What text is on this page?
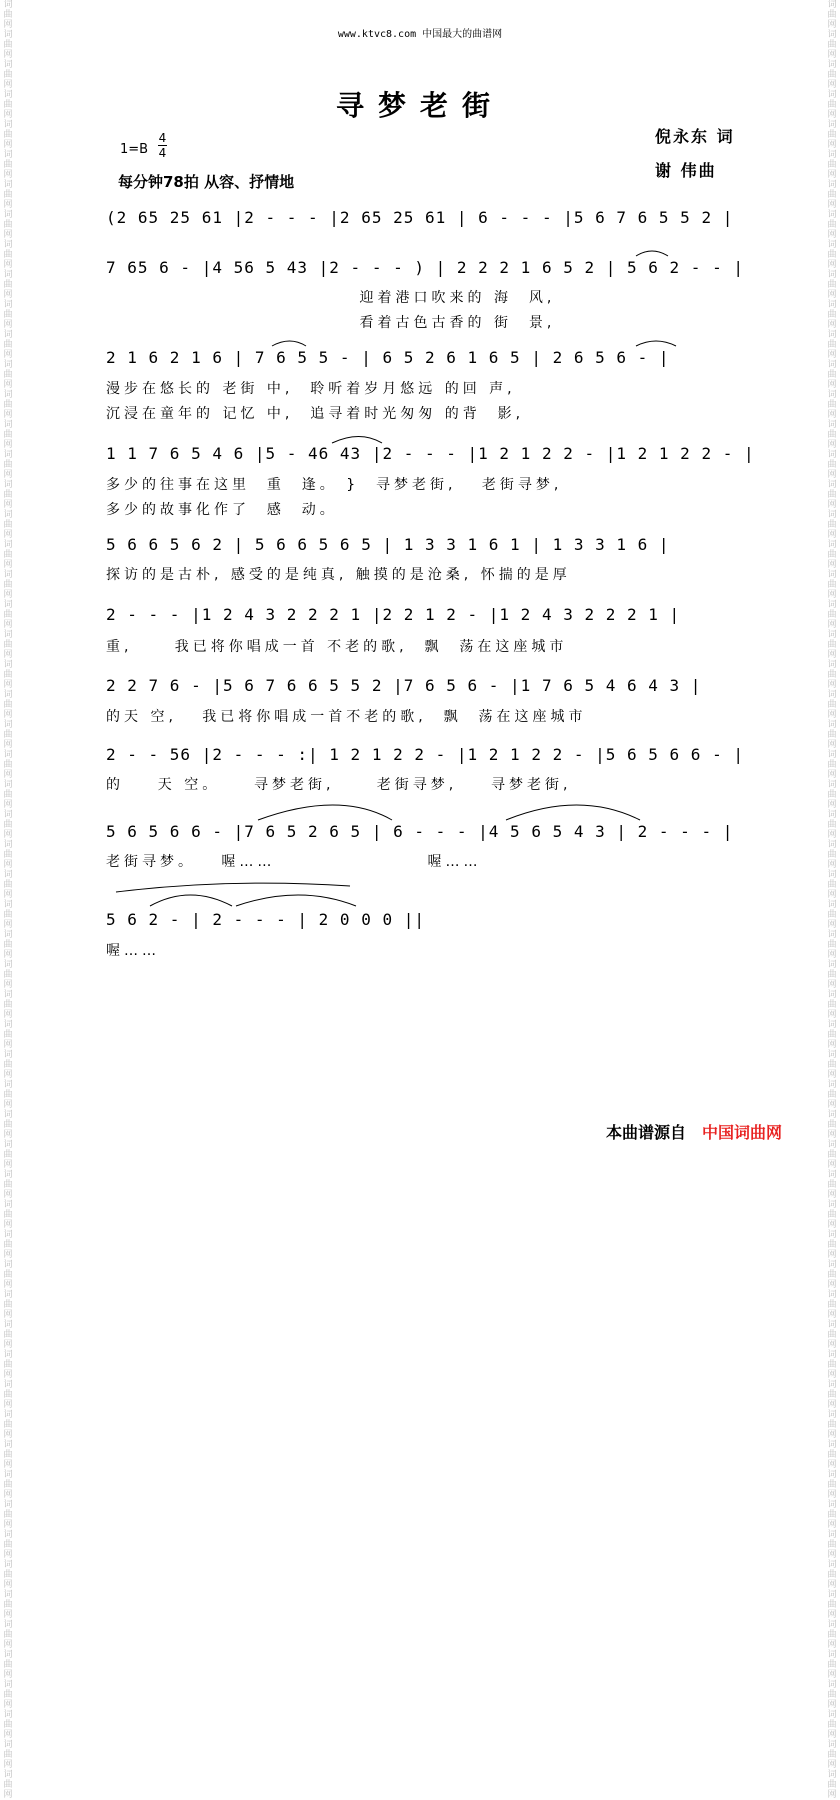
词曲网 词曲网 词曲网 词曲网 词曲网 词曲网 词曲网 词曲网 词曲网 词曲网 词曲网 词曲网 词曲网 词曲网 词曲网 词曲网 词曲网 词曲网 词曲网 词曲网 词曲网 词曲网 词曲网 词曲网 词曲网 词曲网 词曲网 词曲网 词曲网 词曲网 词曲网 词曲网 词曲网 词曲网 词曲网 词曲网 词曲网 词曲网 词曲网 词曲网 词曲网 词曲网 词曲网 词曲网 词曲网 词曲网 词曲网 词曲网 词曲网 词曲网 词曲网 词曲网 词曲网 词曲网 词曲网 词曲网 词曲网 词曲网 词曲网 词曲网
词曲网 词曲网 词曲网 词曲网 词曲网 词曲网 词曲网 词曲网 词曲网 词曲网 词曲网 词曲网 词曲网 词曲网 词曲网 词曲网 词曲网 词曲网 词曲网 词曲网 词曲网 词曲网 词曲网 词曲网 词曲网 词曲网 词曲网 词曲网 词曲网 词曲网 词曲网 词曲网 词曲网 词曲网 词曲网 词曲网 词曲网 词曲网 词曲网 词曲网 词曲网 词曲网 词曲网 词曲网 词曲网 词曲网 词曲网 词曲网 词曲网 词曲网 词曲网 词曲网 词曲网 词曲网 词曲网 词曲网 词曲网 词曲网 词曲网 词曲网
www.ktvc8.com 中国最大的曲谱网
寻梦老街
倪永东 词
谢 伟曲
1=B
4
4
每分钟78拍 从容、抒情地
(2 65 25 61 |2 - - - |2 65 25 61 | 6 - - - |5 6 7 6 5 5 2 |
7 65 6 - |4 56 5 43 |2 - - - ) | 2 2 2 1 6 5 2 | 5 6 2 - - |
迎着港口吹来的 海  风,
看着古色古香的 街  景,
2 1 6 2 1 6 | 7 6 5 5 - | 6 5 2 6 1 6 5 | 2 6 5 6 - |
漫步在悠长的 老街 中,  聆听着岁月悠远 的回 声,
沉浸在童年的 记忆 中,  追寻着时光匆匆 的背  影,
1 1 7 6 5 4 6 |5 - 46 43 |2 - - - |1 2 1 2 2 - |1 2 1 2 2 - |
多少的往事在这里  重  逢。 }  寻梦老街,   老街寻梦,
多少的故事化作了  感  动。
5 6 6 5 6 2 | 5 6 6 5 6 5 | 1 3 3 1 6 1 | 1 3 3 1 6 |
探访的是古朴, 感受的是纯真, 触摸的是沧桑, 怀揣的是厚
2 - - - |1 2 4 3 2 2 2 1 |2 2 1 2 - |1 2 4 3 2 2 2 1 |
重,     我已将你唱成一首 不老的歌,  飘  荡在这座城市
2 2 7 6 - |5 6 7 6 6 5 5 2 |7 6 5 6 - |1 7 6 5 4 6 4 3 |
的天 空,   我已将你唱成一首不老的歌,  飘  荡在这座城市
2 - - 56 |2 - - - :| 1 2 1 2 2 - |1 2 1 2 2 - |5 6 5 6 6 - |
的    天 空。    寻梦老街,     老街寻梦,    寻梦老街,
5 6 5 6 6 - |7 6 5 2 6 5 | 6 - - - |4 5 6 5 4 3 | 2 - - - |
老街寻梦。   喔……                  喔……
5 6 2 - | 2 - - - | 2 0 0 0 ||
喔……
本曲谱源自 中国词曲网
